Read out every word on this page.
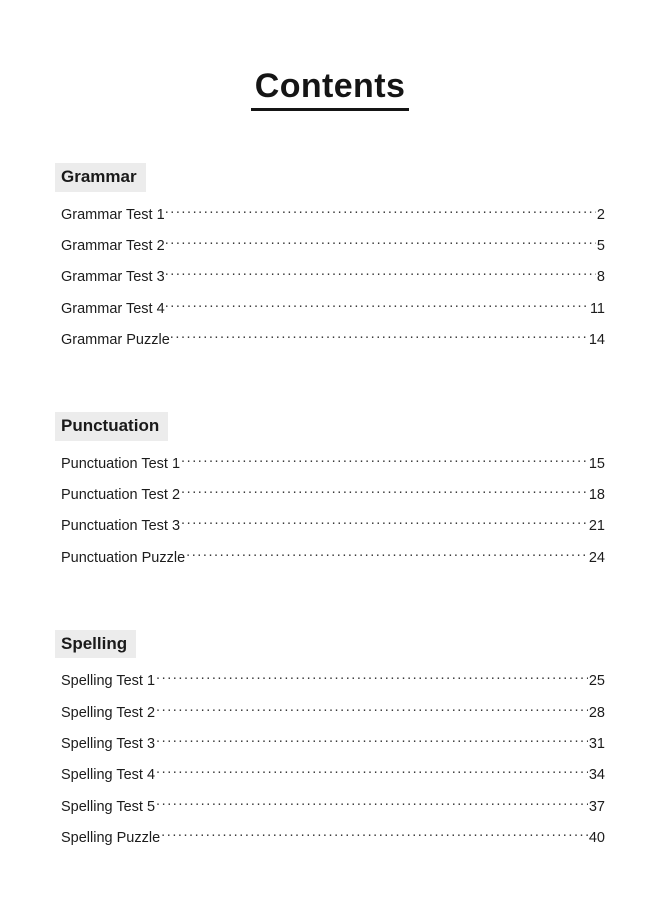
Contents
Grammar
Grammar Test 1 .....	2
Grammar Test 2 .....	5
Grammar Test 3 .....	8
Grammar Test 4 .....	11
Grammar Puzzle .....	14
Punctuation
Punctuation Test 1 .....	15
Punctuation Test 2 .....	18
Punctuation Test 3 .....	21
Punctuation Puzzle .....	24
Spelling
Spelling Test 1 .....	25
Spelling Test 2 .....	28
Spelling Test 3 .....	31
Spelling Test 4 .....	34
Spelling Test 5 .....	37
Spelling Puzzle .....	40
